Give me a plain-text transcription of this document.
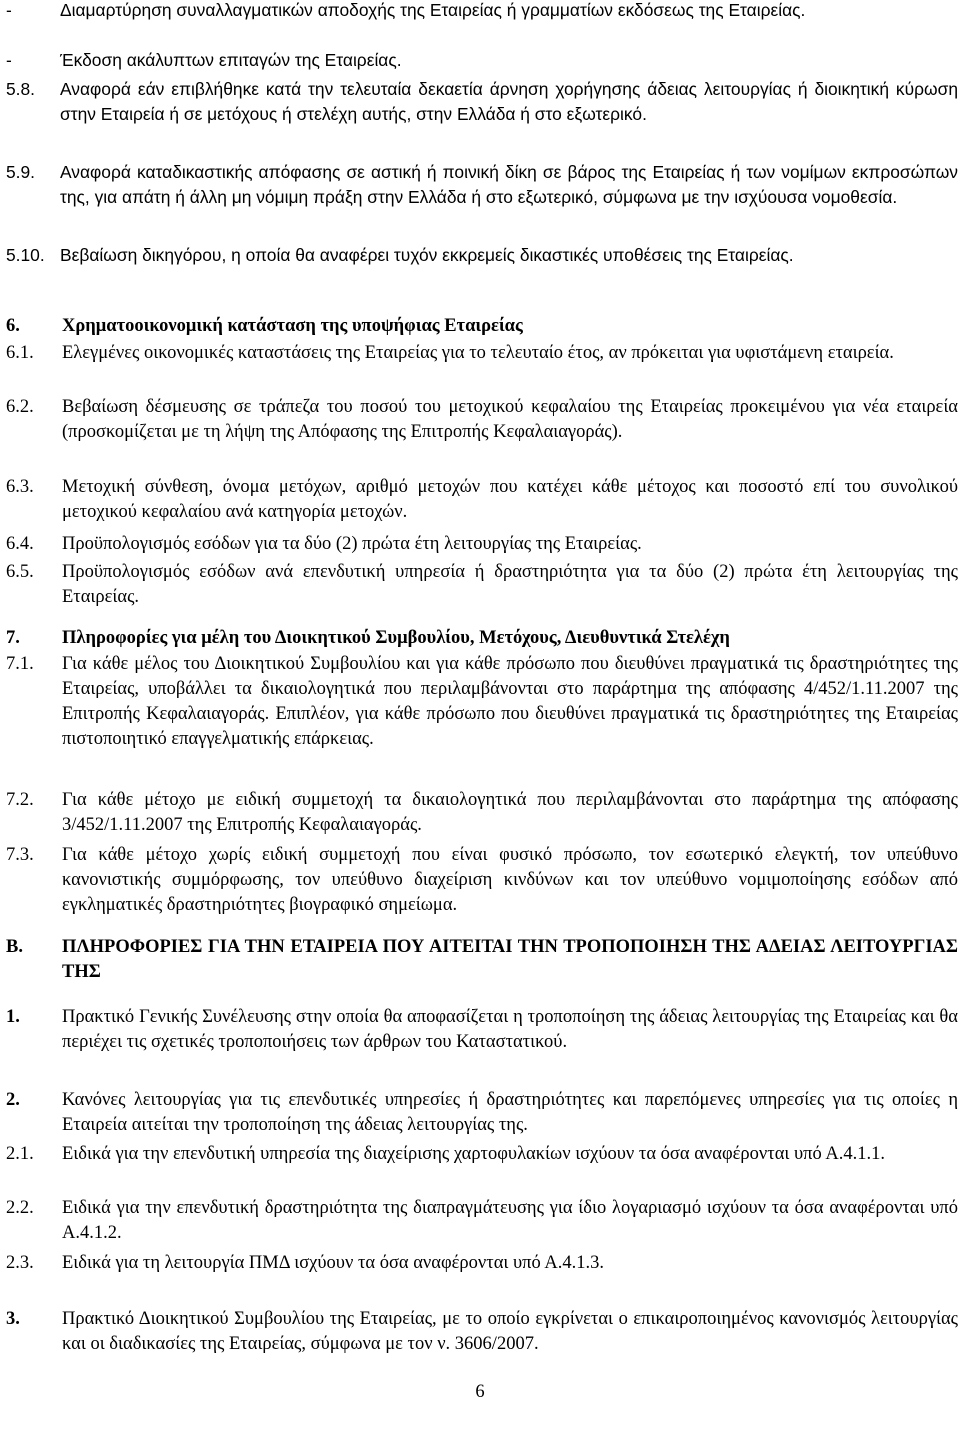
-	Διαμαρτύρηση συναλλαγματικών αποδοχής της Εταιρείας ή γραμματίων εκδόσεως της Εταιρείας.
-	Έκδοση ακάλυπτων επιταγών της Εταιρείας.
5.8. Αναφορά εάν επιβλήθηκε κατά την τελευταία δεκαετία άρνηση χορήγησης άδειας λειτουργίας ή διοικητική κύρωση στην Εταιρεία ή σε μετόχους ή στελέχη αυτής, στην Ελλάδα ή στο εξωτερικό.
5.9. Αναφορά καταδικαστικής απόφασης σε αστική ή ποινική δίκη σε βάρος της Εταιρείας ή των νομίμων εκπροσώπων της, για απάτη ή άλλη μη νόμιμη πράξη στην Ελλάδα ή στο εξωτερικό, σύμφωνα με την ισχύουσα νομοθεσία.
5.10. Βεβαίωση δικηγόρου, η οποία θα αναφέρει τυχόν εκκρεμείς δικαστικές υποθέσεις της Εταιρείας.
6. Χρηματοοικονομική κατάσταση της υποψήφιας Εταιρείας
6.1. Ελεγμένες οικονομικές καταστάσεις της Εταιρείας για το τελευταίο έτος, αν πρόκειται για υφιστάμενη εταιρεία.
6.2. Βεβαίωση δέσμευσης σε τράπεζα του ποσού του μετοχικού κεφαλαίου της Εταιρείας προκειμένου για νέα εταιρεία (προσκομίζεται με τη λήψη της Απόφασης της Επιτροπής Κεφαλαιαγοράς).
6.3. Μετοχική σύνθεση, όνομα μετόχων, αριθμό μετοχών που κατέχει κάθε μέτοχος και ποσοστό επί του συνολικού μετοχικού κεφαλαίου ανά κατηγορία μετοχών.
6.4. Προϋπολογισμός εσόδων για τα δύο (2) πρώτα έτη λειτουργίας της Εταιρείας.
6.5. Προϋπολογισμός εσόδων ανά επενδυτική υπηρεσία ή δραστηριότητα για τα δύο (2) πρώτα έτη λειτουργίας της Εταιρείας.
7. Πληροφορίες για μέλη του Διοικητικού Συμβουλίου, Μετόχους, Διευθυντικά Στελέχη
7.1. Για κάθε μέλος του Διοικητικού Συμβουλίου και για κάθε πρόσωπο που διευθύνει πραγματικά τις δραστηριότητες της Εταιρείας, υποβάλλει τα δικαιολογητικά που περιλαμβάνονται στο παράρτημα της απόφασης 4/452/1.11.2007 της Επιτροπής Κεφαλαιαγοράς. Επιπλέον, για κάθε πρόσωπο που διευθύνει πραγματικά τις δραστηριότητες της Εταιρείας πιστοποιητικό επαγγελματικής επάρκειας.
7.2. Για κάθε μέτοχο με ειδική συμμετοχή τα δικαιολογητικά που περιλαμβάνονται στο παράρτημα της απόφασης 3/452/1.11.2007 της Επιτροπής Κεφαλαιαγοράς.
7.3. Για κάθε μέτοχο χωρίς ειδική συμμετοχή που είναι φυσικό πρόσωπο, τον εσωτερικό ελεγκτή, τον υπεύθυνο κανονιστικής συμμόρφωσης, τον υπεύθυνο διαχείριση κινδύνων και τον υπεύθυνο νομιμοποίησης εσόδων από εγκληματικές δραστηριότητες βιογραφικό σημείωμα.
Β. ΠΛΗΡΟΦΟΡΙΕΣ ΓΙΑ ΤΗΝ ΕΤΑΙΡΕΙΑ ΠΟΥ ΑΙΤΕΙΤΑΙ ΤΗΝ ΤΡΟΠΟΠΟΙΗΣΗ ΤΗΣ ΑΔΕΙΑΣ ΛΕΙΤΟΥΡΓΙΑΣ ΤΗΣ
1. Πρακτικό Γενικής Συνέλευσης στην οποία θα αποφασίζεται η τροποποίηση της άδειας λειτουργίας της Εταιρείας και θα περιέχει τις σχετικές τροποποιήσεις των άρθρων του Καταστατικού.
2. Κανόνες λειτουργίας για τις επενδυτικές υπηρεσίες ή δραστηριότητες και παρεπόμενες υπηρεσίες για τις οποίες η Εταιρεία αιτείται την τροποποίηση της άδειας λειτουργίας της.
2.1. Ειδικά για την επενδυτική υπηρεσία της διαχείρισης χαρτοφυλακίων ισχύουν τα όσα αναφέρονται υπό Α.4.1.1.
2.2. Ειδικά για την επενδυτική δραστηριότητα της διαπραγμάτευσης για ίδιο λογαριασμό ισχύουν τα όσα αναφέρονται υπό Α.4.1.2.
2.3. Ειδικά για τη λειτουργία ΠΜΔ ισχύουν τα όσα αναφέρονται υπό Α.4.1.3.
3. Πρακτικό Διοικητικού Συμβουλίου της Εταιρείας, με το οποίο εγκρίνεται ο επικαιροποιημένος κανονισμός λειτουργίας και οι διαδικασίες της Εταιρείας, σύμφωνα με τον ν. 3606/2007.
6
